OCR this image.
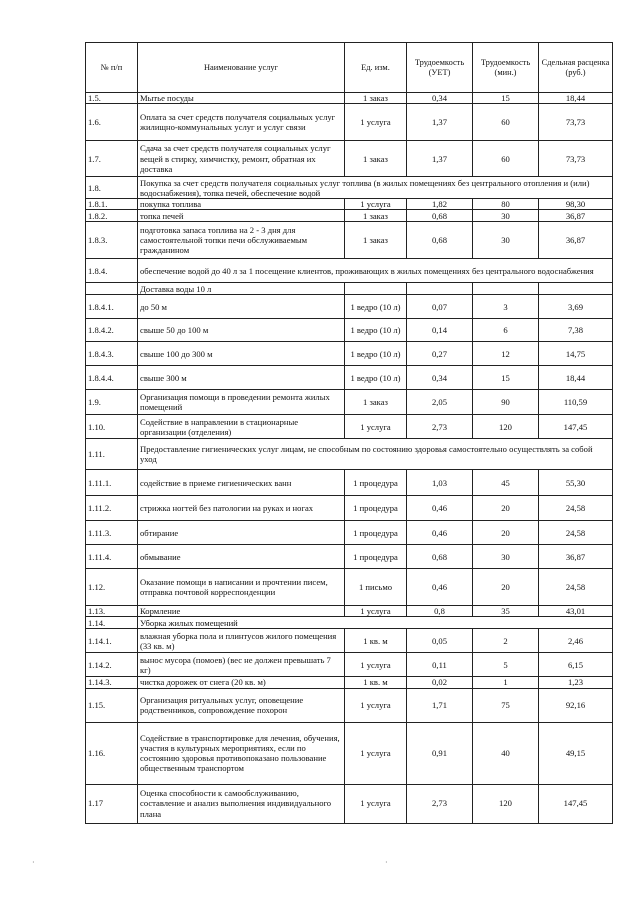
№ п/п	Наименование услуг	Ед. изм.	Трудоемкость (УЕТ)	Трудоемкость (мин.)	Сдельная расценка (руб.)
1.5.	Мытье посуды	1 заказ	0,34	15	18,44
1.6.	Оплата за счет средств получателя социальных услуг жилищно-коммунальных услуг и услуг связи	1 услуга	1,37	60	73,73
1.7.	Сдача за счет средств получателя социальных услуг вещей в стирку, химчистку, ремонт, обратная их доставка	1 заказ	1,37	60	73,73
1.8.	Покупка за счет средств получателя социальных услуг топлива (в жилых помещениях без центрального отопления и (или) водоснабжения), топка печей, обеспечение водой				
1.8.1.	покупка топлива	1 услуга	1,82	80	98,30
1.8.2.	топка печей	1 заказ	0,68	30	36,87
1.8.3.	подготовка запаса топлива на 2 - 3 дня для самостоятельной топки печи обслуживаемым гражданином	1 заказ	0,68	30	36,87
1.8.4.	обеспечение водой до 40 л за 1 посещение клиентов, проживающих в жилых помещениях без центрального водоснабжения				
	Доставка воды 10 л				
1.8.4.1.	до 50 м	1 ведро (10 л)	0,07	3	3,69
1.8.4.2.	свыше 50 до 100 м	1 ведро (10 л)	0,14	6	7,38
1.8.4.3.	свыше 100 до 300 м	1 ведро (10 л)	0,27	12	14,75
1.8.4.4.	свыше 300 м	1 ведро (10 л)	0,34	15	18,44
1.9.	Организация помощи в проведении ремонта жилых помещений	1 заказ	2,05	90	110,59
1.10.	Содействие в направлении в стационарные организации (отделения)	1 услуга	2,73	120	147,45
1.11.	Предоставление гигиенических услуг лицам, не способным по состоянию здоровья самостоятельно осуществлять за собой уход				
1.11.1.	содействие в приеме гигиенических ванн	1 процедура	1,03	45	55,30
1.11.2.	стрижка ногтей без патологии на руках и ногах	1 процедура	0,46	20	24,58
1.11.3.	обтирание	1 процедура	0,46	20	24,58
1.11.4.	обмывание	1 процедура	0,68	30	36,87
1.12.	Оказание помощи в написании и прочтении писем, отправка почтовой корреспонденции	1 письмо	0,46	20	24,58
1.13.	Кормление	1 услуга	0,8	35	43,01
1.14.	Уборка жилых помещений				
1.14.1.	влажная уборка пола и плинтусов жилого помещения (33 кв. м)	1 кв. м	0,05	2	2,46
1.14.2.	вынос мусора (помоев) (вес не должен превышать 7 кг)	1 услуга	0,11	5	6,15
1.14.3.	чистка дорожек от снега (20 кв. м)	1 кв. м	0,02	1	1,23
1.15.	Организация ритуальных услуг, оповещение родственников, сопровождение похорон	1 услуга	1,71	75	92,16
1.16.	Содействие в транспортировке для лечения, обучения, участия в культурных мероприятиях, если по состоянию здоровья противопоказано пользование общественным транспортом	1 услуга	0,91	40	49,15
1.17	Оценка способности к самообслуживанию, составление и анализ выполнения индивидуального плана	1 услуга	2,73	120	147,45
·	·
